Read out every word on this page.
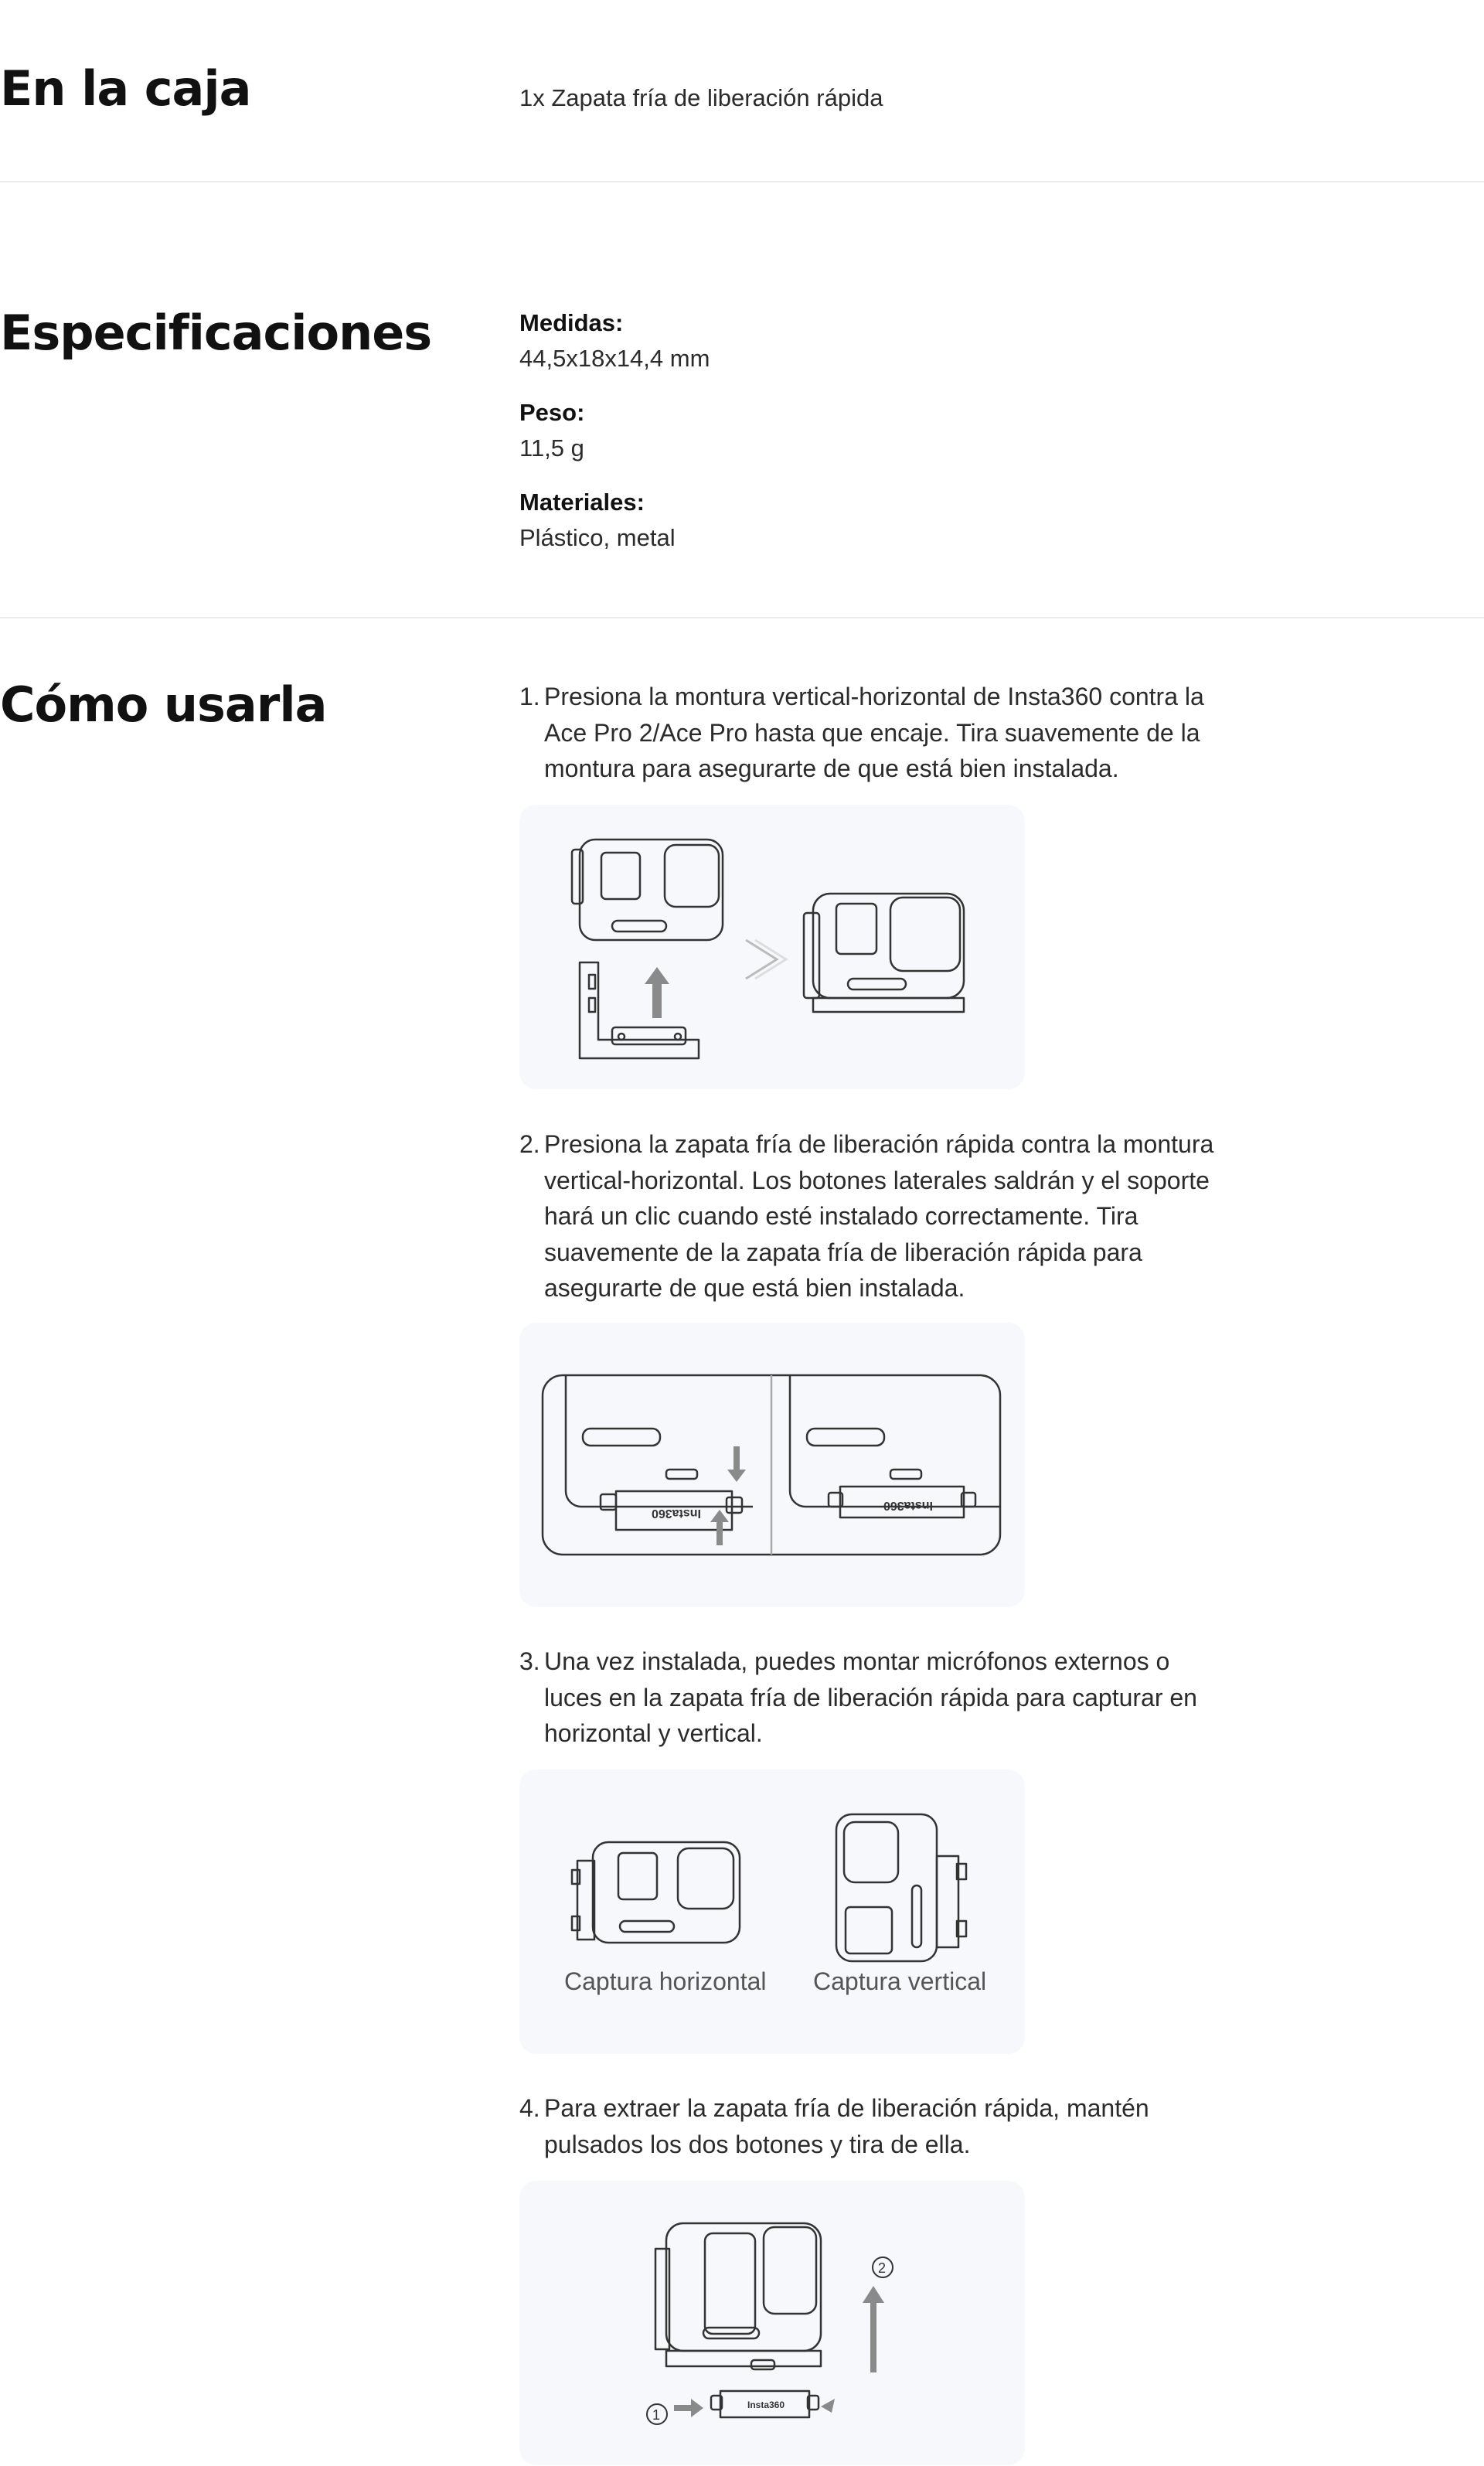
En la caja	1x Zapata fría de liberación rápida
Especificaciones	Medidas:
44,5x18x14,4 mm
Peso:
11,5 g
Materiales:
Plástico, metal
Cómo usarla	1. Presiona la montura vertical-horizontal de Insta360 contra la Ace Pro 2/Ace Pro hasta que encaje. Tira suavemente de la montura para asegurarte de que está bien instalada.
2. Presiona la zapata fría de liberación rápida contra la montura vertical-horizontal. Los botones laterales saldrán y el soporte hará un clic cuando esté instalado correctamente. Tira suavemente de la zapata fría de liberación rápida para asegurarte de que está bien instalada.
Insta360
Insta360
3. Una vez instalada, puedes montar micrófonos externos o luces en la zapata fría de liberación rápida para capturar en horizontal y vertical.
Captura horizontal Captura vertical
4. Para extraer la zapata fría de liberación rápida, mantén pulsados los dos botones y tira de ella.
Insta360
2
1
